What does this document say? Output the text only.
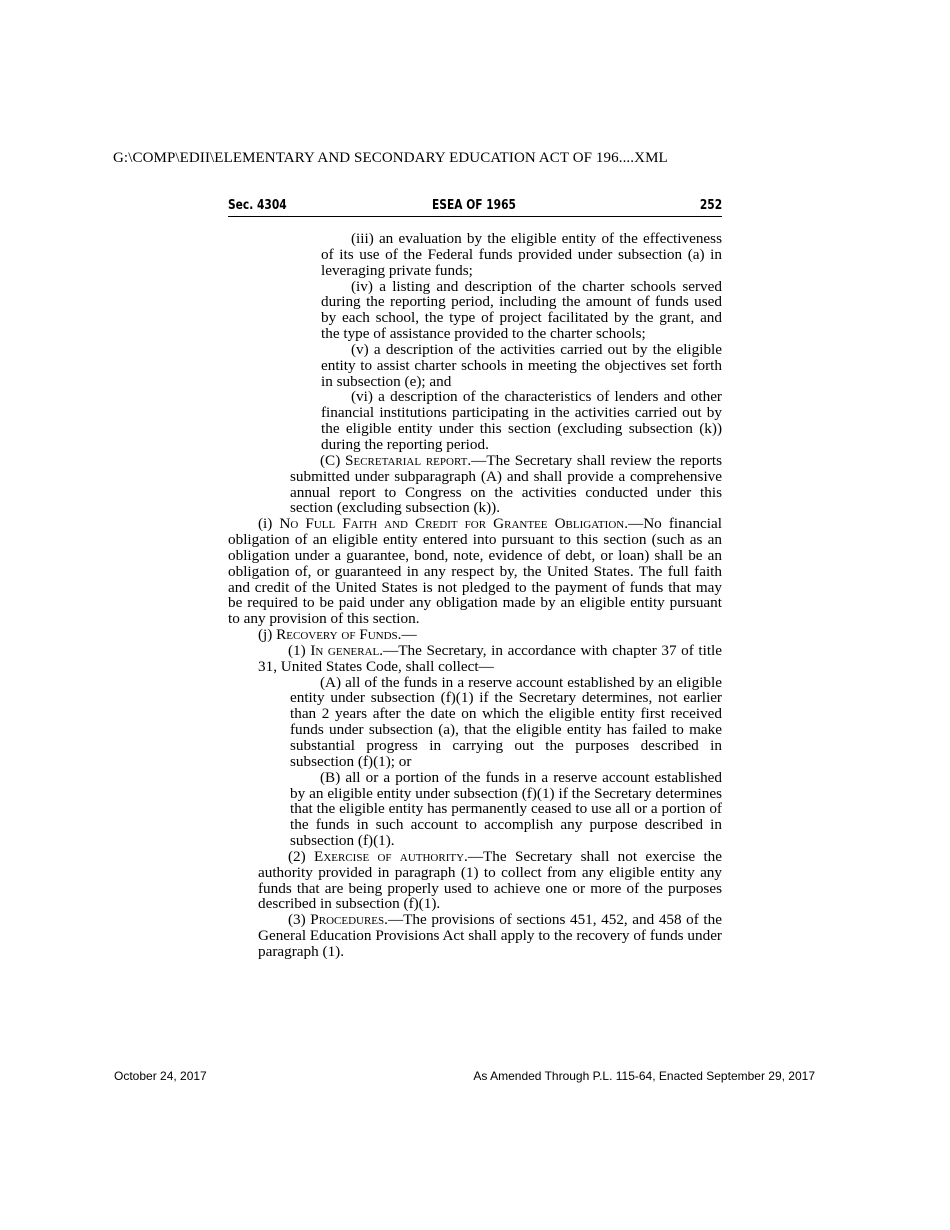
G:\COMP\EDII\ELEMENTARY AND SECONDARY EDUCATION ACT OF 196....XML
Sec. 4304	ESEA OF 1965	252

(iii) an evaluation by the eligible entity of the effectiveness of its use of the Federal funds provided under subsection (a) in leveraging private funds;

(iv) a listing and description of the charter schools served during the reporting period, including the amount of funds used by each school, the type of project facilitated by the grant, and the type of assistance provided to the charter schools;

(v) a description of the activities carried out by the eligible entity to assist charter schools in meeting the objectives set forth in subsection (e); and

(vi) a description of the characteristics of lenders and other financial institutions participating in the activities carried out by the eligible entity under this section (excluding subsection (k)) during the reporting period.

(C) Secretarial report.—The Secretary shall review the reports submitted under subparagraph (A) and shall provide a comprehensive annual report to Congress on the activities conducted under this section (excluding subsection (k)).

(i) No Full Faith and Credit for Grantee Obligation.—No financial obligation of an eligible entity entered into pursuant to this section (such as an obligation under a guarantee, bond, note, evidence of debt, or loan) shall be an obligation of, or guaranteed in any respect by, the United States. The full faith and credit of the United States is not pledged to the payment of funds that may be required to be paid under any obligation made by an eligible entity pursuant to any provision of this section.

(j) Recovery of Funds.—

(1) In general.—The Secretary, in accordance with chapter 37 of title 31, United States Code, shall collect—

(A) all of the funds in a reserve account established by an eligible entity under subsection (f)(1) if the Secretary determines, not earlier than 2 years after the date on which the eligible entity first received funds under subsection (a), that the eligible entity has failed to make substantial progress in carrying out the purposes described in subsection (f)(1); or

(B) all or a portion of the funds in a reserve account established by an eligible entity under subsection (f)(1) if the Secretary determines that the eligible entity has permanently ceased to use all or a portion of the funds in such account to accomplish any purpose described in subsection (f)(1).

(2) Exercise of authority.—The Secretary shall not exercise the authority provided in paragraph (1) to collect from any eligible entity any funds that are being properly used to achieve one or more of the purposes described in subsection (f)(1).

(3) Procedures.—The provisions of sections 451, 452, and 458 of the General Education Provisions Act shall apply to the recovery of funds under paragraph (1).

October 24, 2017	As Amended Through P.L. 115-64, Enacted September 29, 2017
